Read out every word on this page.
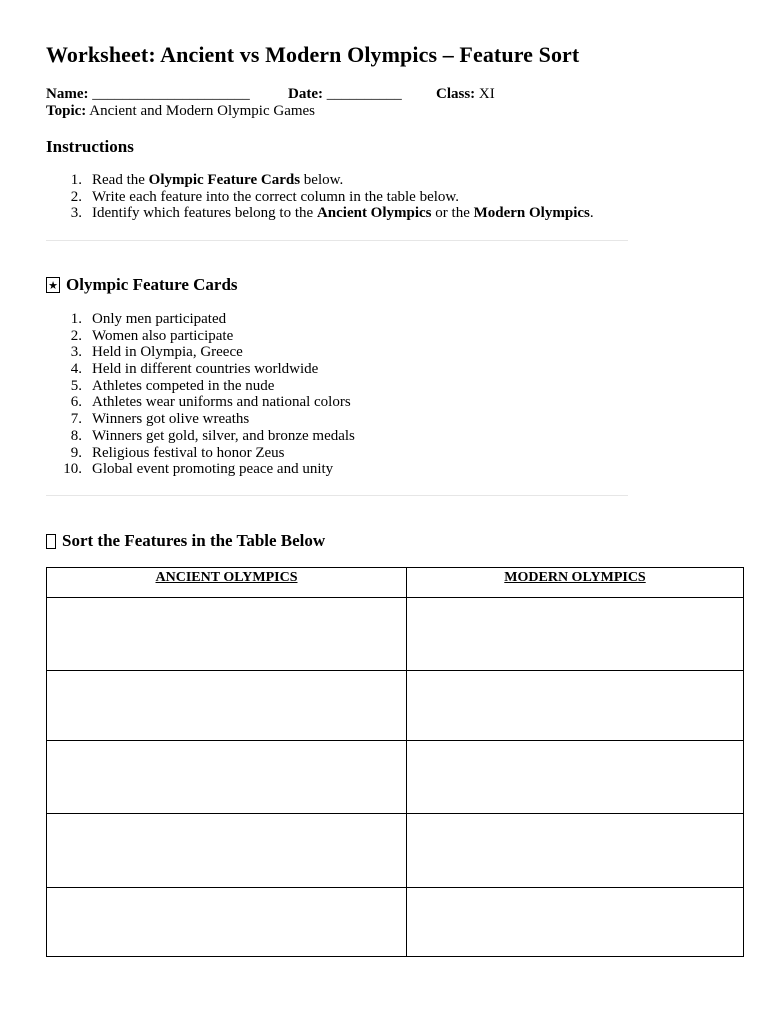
Worksheet: Ancient vs Modern Olympics – Feature Sort
Name: _____________________	Date: __________ Class: XI
Topic: Ancient and Modern Olympic Games
Instructions
1. Read the Olympic Feature Cards below.
2. Write each feature into the correct column in the table below.
3. Identify which features belong to the Ancient Olympics or the Modern Olympics.
★ Olympic Feature Cards
1. Only men participated
2. Women also participate
3. Held in Olympia, Greece
4. Held in different countries worldwide
5. Athletes competed in the nude
6. Athletes wear uniforms and national colors
7. Winners got olive wreaths
8. Winners get gold, silver, and bronze medals
9. Religious festival to honor Zeus
10. Global event promoting peace and unity
Sort the Features in the Table Below
ANCIENT OLYMPICS	MODERN OLYMPICS
